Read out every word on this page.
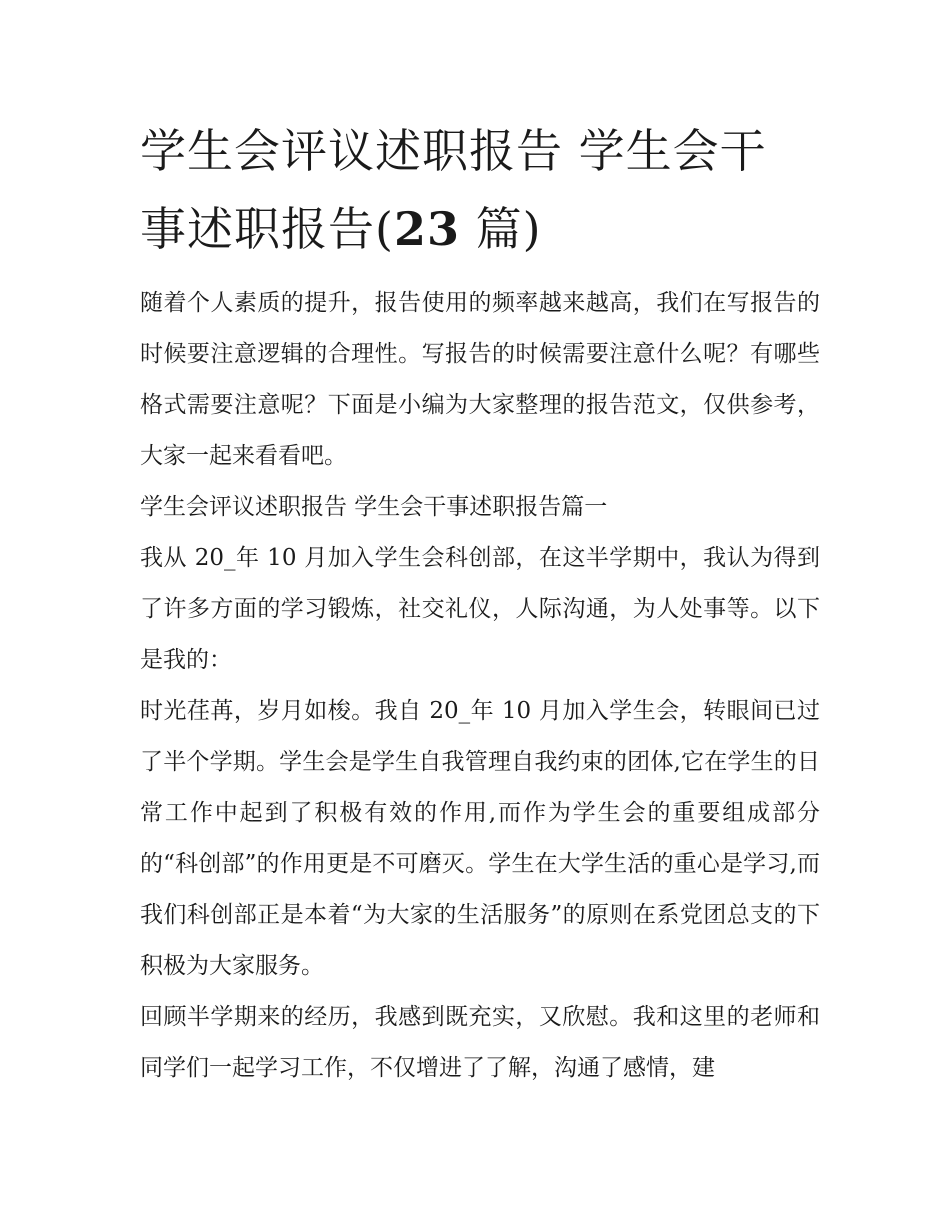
学生会评议述职报告 学生会干
事述职报告(23 篇)

随着个人素质的提升，报告使用的频率越来越高，我们在写报告的时候要注意逻辑的合理性。写报告的时候需要注意什么呢？有哪些格式需要注意呢？下面是小编为大家整理的报告范文，仅供参考，大家一起来看看吧。

学生会评议述职报告 学生会干事述职报告篇一

我从 20_年 10 月加入学生会科创部，在这半学期中，我认为得到了许多方面的学习锻炼，社交礼仪，人际沟通，为人处事等。以下是我的：

时光荏苒，岁月如梭。我自 20_年 10 月加入学生会，转眼间已过了半个学期。学生会是学生自我管理自我约束的团体,它在学生的日常工作中起到了积极有效的作用,而作为学生会的重要组成部分的“科创部”的作用更是不可磨灭。学生在大学生活的重心是学习,而我们科创部正是本着“为大家的生活服务”的原则在系党团总支的下积极为大家服务。

回顾半学期来的经历，我感到既充实，又欣慰。我和这里的老师和同学们一起学习工作，不仅增进了了解，沟通了感情，建
